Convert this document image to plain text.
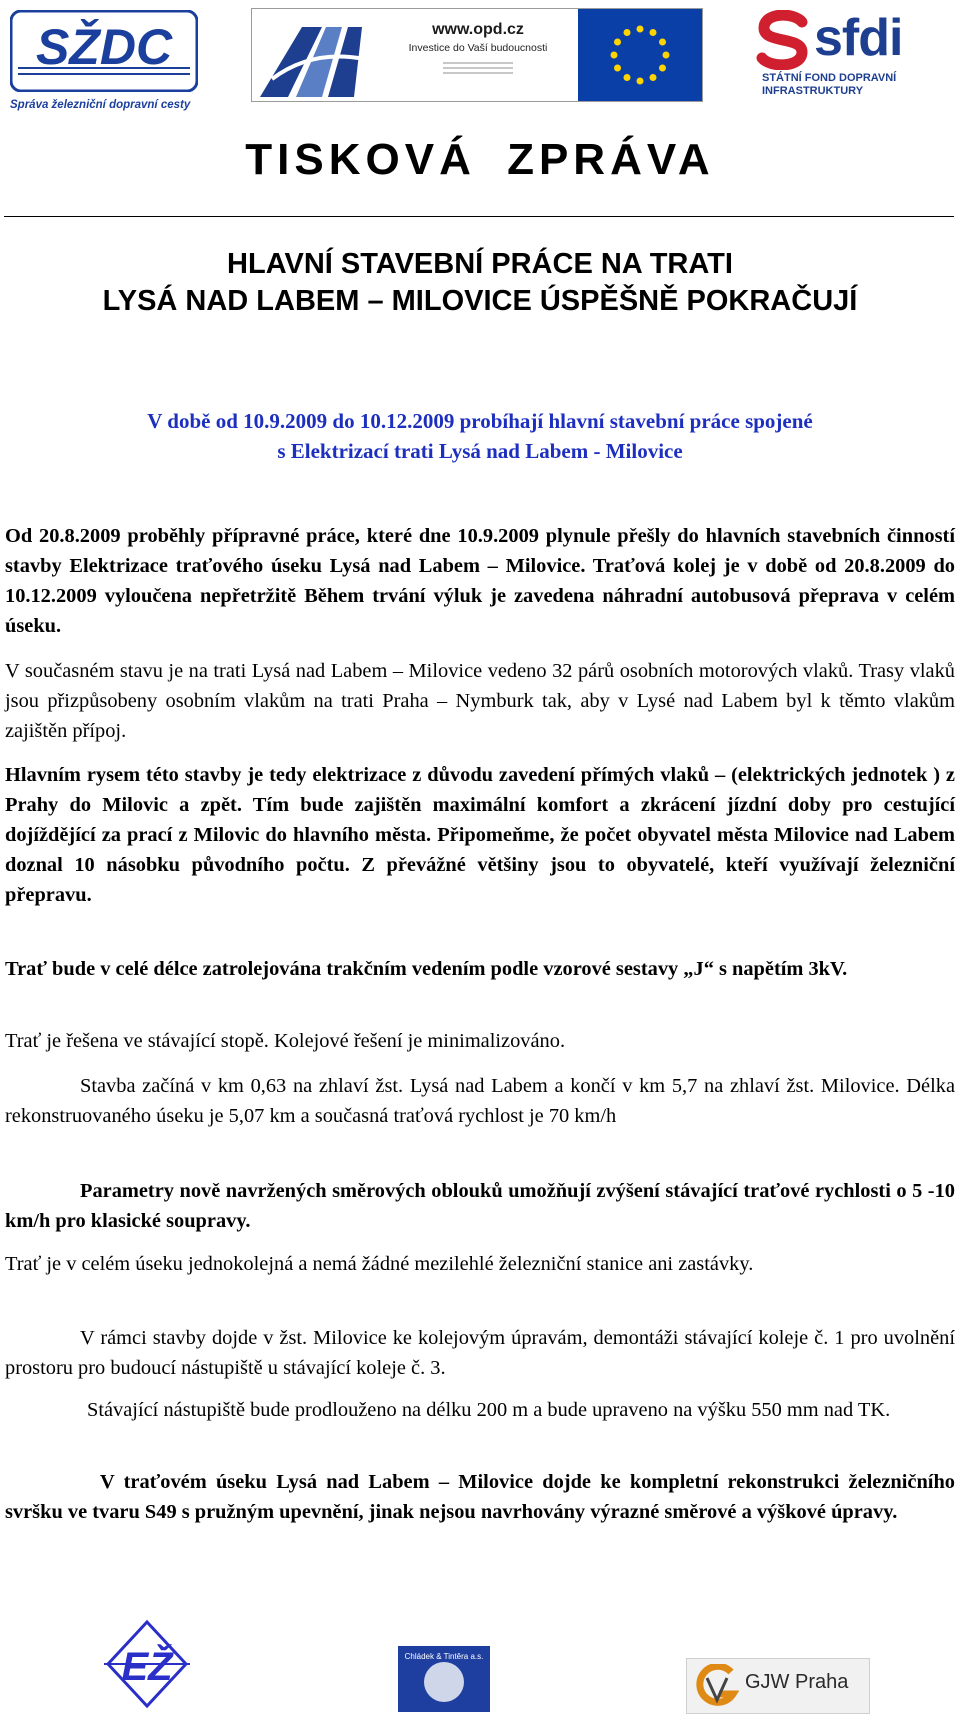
SŽDC
Správa železniční dopravní cesty
www.opd.cz
Investice do Vaší budoucnosti	sfdi
STÁTNÍ FOND DOPRAVNÍ
INFRASTRUKTURY
TISKOVÁ ZPRÁVA
HLAVNÍ STAVEBNÍ PRÁCE NA TRATI
LYSÁ NAD LABEM – MILOVICE ÚSPĚŠNĚ POKRAČUJÍ
V době od 10.9.2009 do 10.12.2009 probíhají hlavní stavební práce spojené
s Elektrizací trati Lysá nad Labem - Milovice

Od 20.8.2009 proběhly přípravné práce, které dne 10.9.2009 plynule přešly do hlavních stavebních činností stavby Elektrizace traťového úseku Lysá nad Labem – Milovice. Traťová kolej je v době od 20.8.2009 do 10.12.2009 vyloučena nepřetržitě Během trvání výluk je zavedena náhradní autobusová přeprava v celém úseku.

V současném stavu je na trati Lysá nad Labem – Milovice vedeno 32 párů osobních motorových vlaků. Trasy vlaků jsou přizpůsobeny osobním vlakům na trati Praha – Nymburk tak, aby v Lysé nad Labem byl k těmto vlakům zajištěn přípoj.

Hlavním rysem této stavby je tedy elektrizace z důvodu zavedení přímých vlaků – (elektrických jednotek ) z Prahy do Milovic a zpět. Tím bude zajištěn maximální komfort a zkrácení jízdní doby pro cestující dojíždějící za prací z Milovic do hlavního města. Připomeňme, že počet obyvatel města Milovice nad Labem doznal 10 násobku původního počtu. Z převážné většiny jsou to obyvatelé, kteří využívají železniční přepravu.

Trať bude v celé délce zatrolejována trakčním vedením podle vzorové sestavy „J“ s napětím 3kV.

Trať je řešena ve stávající stopě. Kolejové řešení je minimalizováno.

Stavba začíná v km 0,63 na zhlaví žst. Lysá nad Labem a končí v km 5,7 na zhlaví žst. Milovice. Délka rekonstruovaného úseku je 5,07 km a současná traťová rychlost je 70 km/h

Parametry nově navržených směrových oblouků umožňují zvýšení stávající traťové rychlosti o 5 -10 km/h pro klasické soupravy.

Trať je v celém úseku jednokolejná a nemá žádné mezilehlé železniční stanice ani zastávky.

V rámci stavby dojde v žst. Milovice ke kolejovým úpravám, demontáži stávající koleje č. 1 pro uvolnění prostoru pro budoucí nástupiště u stávající koleje č. 3.

Stávající nástupiště bude prodlouženo na délku 200 m a bude upraveno na výšku 550 mm nad TK.

V traťovém úseku Lysá nad Labem – Milovice dojde ke kompletní rekonstrukci železničního svršku ve tvaru S49 s pružným upevnění, jinak nejsou navrhovány výrazné směrové a výškové úpravy.

EŽ	Chládek & Tintěra a.s.
GJW Praha
